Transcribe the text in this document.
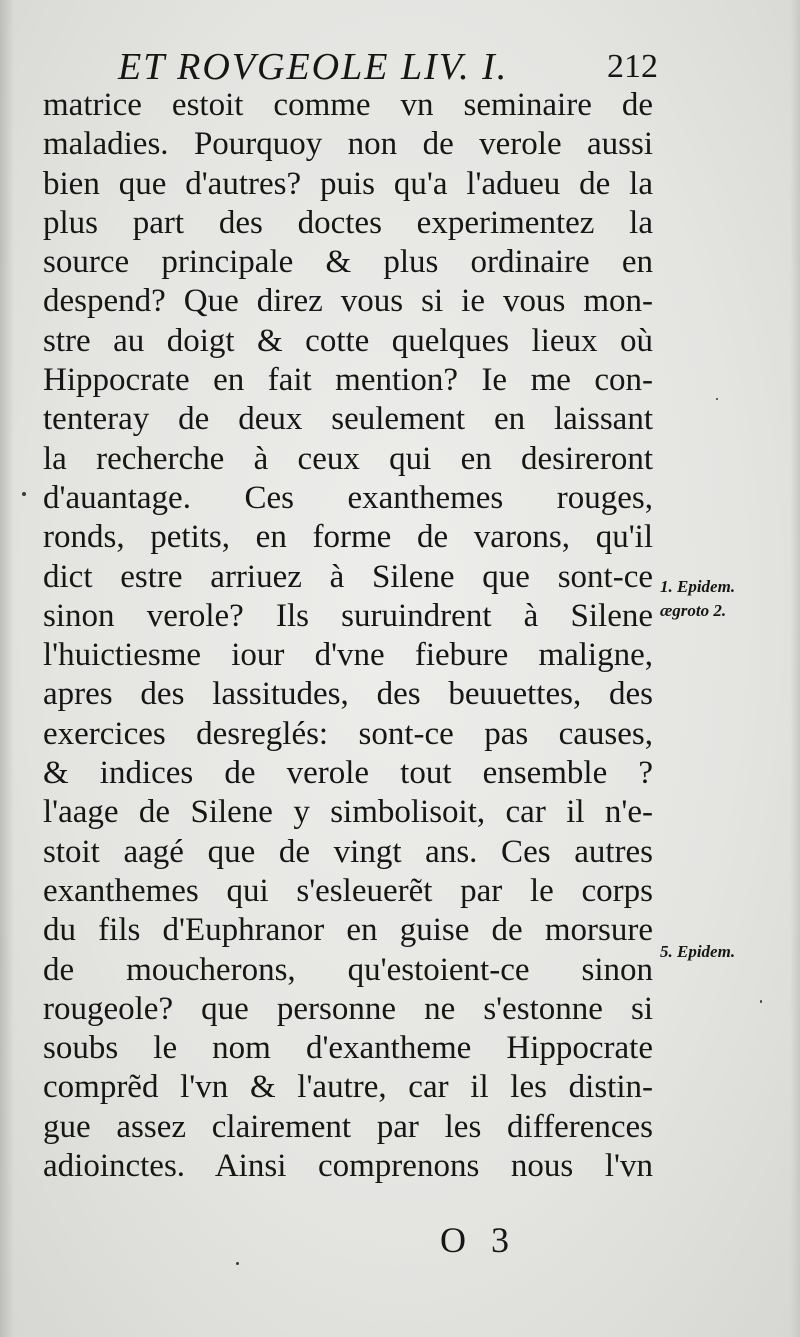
ET ROVGEOLE LIV. I.	212
matrice estoit comme vn seminaire de
maladies. Pourquoy non de verole aussi
bien que d'autres? puis qu'a l'adueu de la
plus part des doctes experimentez la
source principale & plus ordinaire en
despend? Que direz vous si ie vous mon-
stre au doigt & cotte quelques lieux où
Hippocrate en fait mention? Ie me con-
tenteray de deux seulement en laissant
la recherche à ceux qui en desireront
d'auantage. Ces exanthemes rouges,
ronds, petits, en forme de varons, qu'il
dict estre arriuez à Silene que sont-ce
sinon verole? Ils suruindrent à Silene
l'huictiesme iour d'vne fiebure maligne,
apres des lassitudes, des beuuettes, des
exercices desreglés: sont-ce pas causes,
& indices de verole tout ensemble ?
l'aage de Silene y simbolisoit, car il n'e-
stoit aagé que de vingt ans. Ces autres
exanthemes qui s'esleuerẽt par le corps
du fils d'Euphranor en guise de morsure
de moucherons, qu'estoient-ce sinon
rougeole? que personne ne s'estonne si
soubs le nom d'exantheme Hippocrate
comprẽd l'vn & l'autre, car il les distin-
gue assez clairement par les differences
adioinctes. Ainsi comprenons nous l'vn
1. Epidem.
ægroto 2.
5. Epidem.
O 3
